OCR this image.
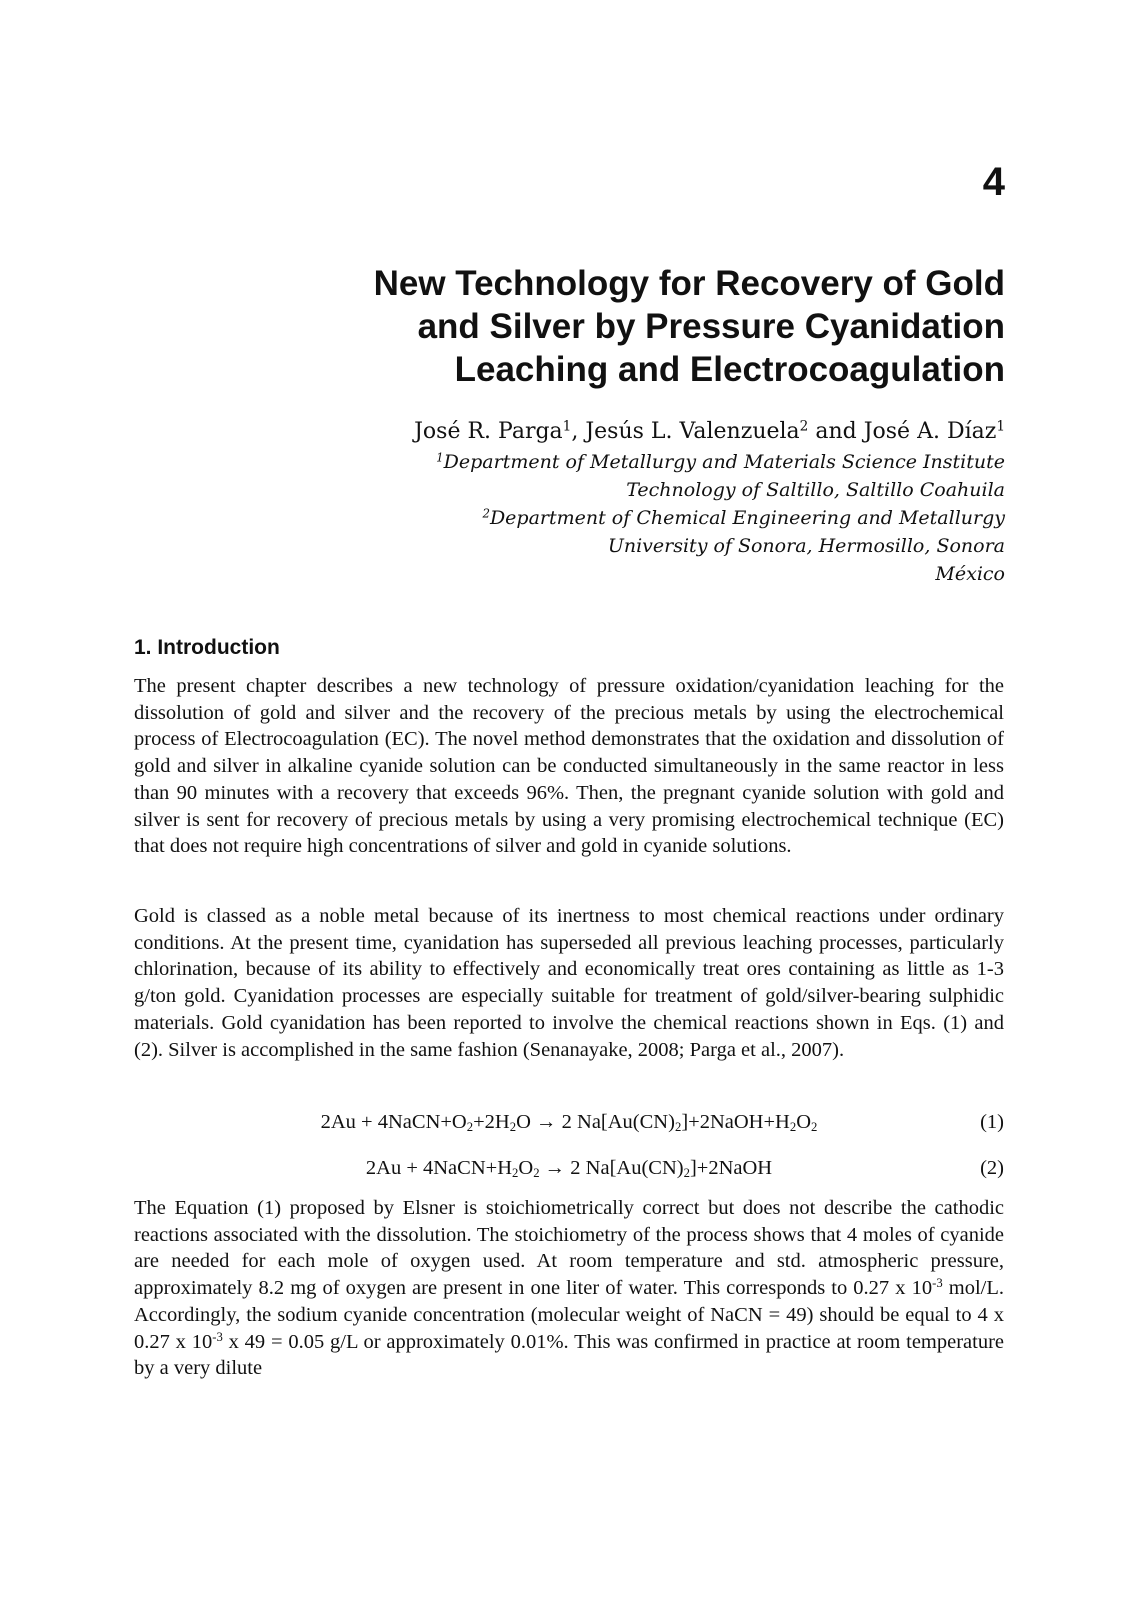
4
New Technology for Recovery of Gold
and Silver by Pressure Cyanidation
Leaching and Electrocoagulation
José R. Parga$^1$, Jesús L. Valenzuela$^2$ and José A. Díaz$^1$
$^1$Department of Metallurgy and Materials Science Institute
Technology of Saltillo, Saltillo Coahuila
$^2$Department of Chemical Engineering and Metallurgy
University of Sonora, Hermosillo, Sonora
México
1. Introduction

The present chapter describes a new technology of pressure oxidation/cyanidation leaching for the dissolution of gold and silver and the recovery of the precious metals by using the electrochemical process of Electrocoagulation (EC). The novel method demonstrates that the oxidation and dissolution of gold and silver in alkaline cyanide solution can be conducted simultaneously in the same reactor in less than 90 minutes with a recovery that exceeds 96%. Then, the pregnant cyanide solution with gold and silver is sent for recovery of precious metals by using a very promising electrochemical technique (EC) that does not require high concentrations of silver and gold in cyanide solutions.

Gold is classed as a noble metal because of its inertness to most chemical reactions under ordinary conditions. At the present time, cyanidation has superseded all previous leaching processes, particularly chlorination, because of its ability to effectively and economically treat ores containing as little as 1-3 g/ton gold. Cyanidation processes are especially suitable for treatment of gold/silver-bearing sulphidic materials. Gold cyanidation has been reported to involve the chemical reactions shown in Eqs. (1) and (2). Silver is accomplished in the same fashion (Senanayake, 2008; Parga et al., 2007).

$2Au + 4NaCN+O_2+2H_2O \to 2$ $Na[Au(CN)_2]+2NaOH+H_2O_2$	(1)
$2Au + 4NaCN+H_2O_2 \to 2$ $Na[Au(CN)_2]+2NaOH$	(2)

The Equation (1) proposed by Elsner is stoichiometrically correct but does not describe the cathodic reactions associated with the dissolution. The stoichiometry of the process shows that 4 moles of cyanide are needed for each mole of oxygen used. At room temperature and std. atmospheric pressure, approximately 8.2 mg of oxygen are present in one liter of water. This corresponds to 0.27 x $10^{-3}$ mol/L. Accordingly, the sodium cyanide concentration (molecular weight of NaCN = 49) should be equal to 4 x 0.27 x $10^{-3}$ x 49 = 0.05 g/L or approximately 0.01%. This was confirmed in practice at room temperature by a very dilute
